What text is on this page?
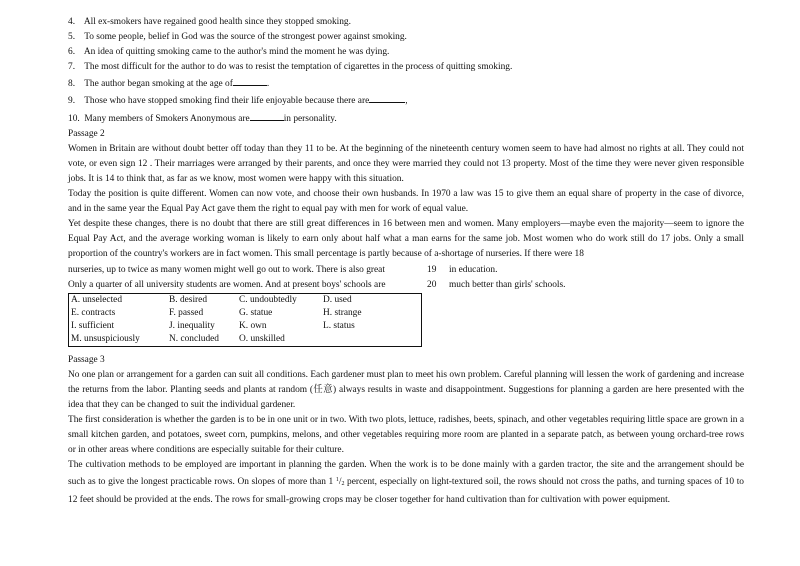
4. All ex-smokers have regained good health since they stopped smoking.
5. To some people, belief in God was the source of the strongest power against smoking.
6. An idea of quitting smoking came to the author's mind the moment he was dying.
7. The most difficult for the author to do was to resist the temptation of cigarettes in the process of quitting smoking.
8. The author began smoking at the age of	.
9. Those who have stopped smoking find their life enjoyable because there are	,
10. Many members of Smokers Anonymous are	in personality.
Passage 2
Women in Britain are without doubt better off today than they 11 to be. At the beginning of the nineteenth century women seem to have had almost no rights at all. They could not vote, or even sign 12 . Their marriages were arranged by their parents, and once they were married they could not 13 property. Most of the time they were never given responsible jobs. It is 14 to think that, as far as we know, most women were happy with this situation.
Today the position is quite different. Women can now vote, and choose their own husbands. In 1970 a law was 15 to give them an equal share of property in the case of divorce, and in the same year the Equal Pay Act gave them the right to equal pay with men for work of equal value.
Yet despite these changes, there is no doubt that there are still great differences in 16 between men and women. Many employers—maybe even the majority—seem to ignore the Equal Pay Act, and the average working woman is likely to earn only about half what a man earns for the same job. Most women who do work still do 17 jobs. Only a small proportion of the country's workers are in fact women. This small percentage is partly because of a-shortage of nurseries. If there were 18
nurseries, up to twice as many women might well go out to work. There is also great	19 in education.
Only a quarter of all university students are women. And at present boys' schools are	20 much better than girls' schools.
A. unselected	B. desired	C. undoubtedly	D. used
E. contracts	F. passed	G. statue	H. strange
I. sufficient	J. inequality	K. own	L. status
M. unsuspiciously	N. concluded	O. unskilled	
Passage 3
No one plan or arrangement for a garden can suit all conditions. Each gardener must plan to meet his own problem. Careful planning will lessen the work of gardening and increase the returns from the labor. Planting seeds and plants at random (任意) always results in waste and disappointment. Suggestions for planning a garden are here presented with the idea that they can be changed to suit the individual gardener.
The first consideration is whether the garden is to be in one unit or in two. With two plots, lettuce, radishes, beets, spinach, and other vegetables requiring little space are grown in a small kitchen garden, and potatoes, sweet corn, pumpkins, melons, and other vegetables requiring more room are planted in a separate patch, as between young orchard-tree rows or in other areas where conditions are especially suitable for their culture.
The cultivation methods to be employed are important in planning the garden. When the work is to be done mainly with a garden tractor, the site and the arrangement should be such as to give the longest practicable rows. On slopes of more than 1 $^1$/2 percent, especially on light-textured soil, the rows should not cross the paths, and turning spaces of 10 to 12 feet should be provided at the ends. The rows for small-growing crops may be closer together for hand cultivation than for cultivation with power equipment.
